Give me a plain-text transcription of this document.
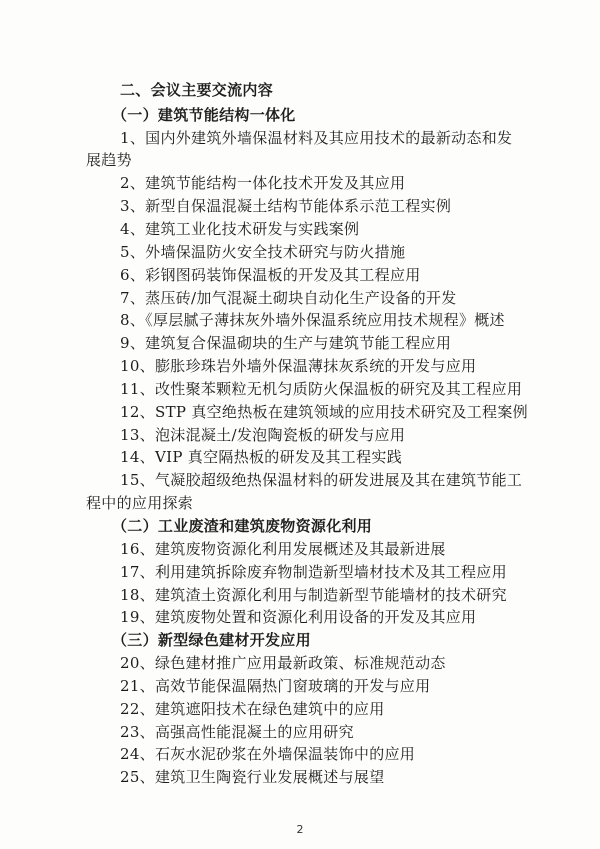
二、会议主要交流内容
（一）建筑节能结构一体化
1、国内外建筑外墙保温材料及其应用技术的最新动态和发
展趋势
2、建筑节能结构一体化技术开发及其应用
3、新型自保温混凝土结构节能体系示范工程实例
4、建筑工业化技术研发与实践案例
5、外墙保温防火安全技术研究与防火措施
6、彩钢图码装饰保温板的开发及其工程应用
7、蒸压砖/加气混凝土砌块自动化生产设备的开发
8、《厚层腻子薄抹灰外墙外保温系统应用技术规程》概述
9、建筑复合保温砌块的生产与建筑节能工程应用
10、膨胀珍珠岩外墙外保温薄抹灰系统的开发与应用
11、改性聚苯颗粒无机匀质防火保温板的研究及其工程应用
12、STP 真空绝热板在建筑领域的应用技术研究及工程案例
13、泡沫混凝土/发泡陶瓷板的研发与应用
14、VIP 真空隔热板的研发及其工程实践
15、气凝胶超级绝热保温材料的研发进展及其在建筑节能工
程中的应用探索
（二）工业废渣和建筑废物资源化利用
16、建筑废物资源化利用发展概述及其最新进展
17、利用建筑拆除废弃物制造新型墙材技术及其工程应用
18、建筑渣土资源化利用与制造新型节能墙材的技术研究
19、建筑废物处置和资源化利用设备的开发及其应用
（三）新型绿色建材开发应用
20、绿色建材推广应用最新政策、标准规范动态
21、高效节能保温隔热门窗玻璃的开发与应用
22、建筑遮阳技术在绿色建筑中的应用
23、高强高性能混凝土的应用研究
24、石灰水泥砂浆在外墙保温装饰中的应用
25、建筑卫生陶瓷行业发展概述与展望
2
